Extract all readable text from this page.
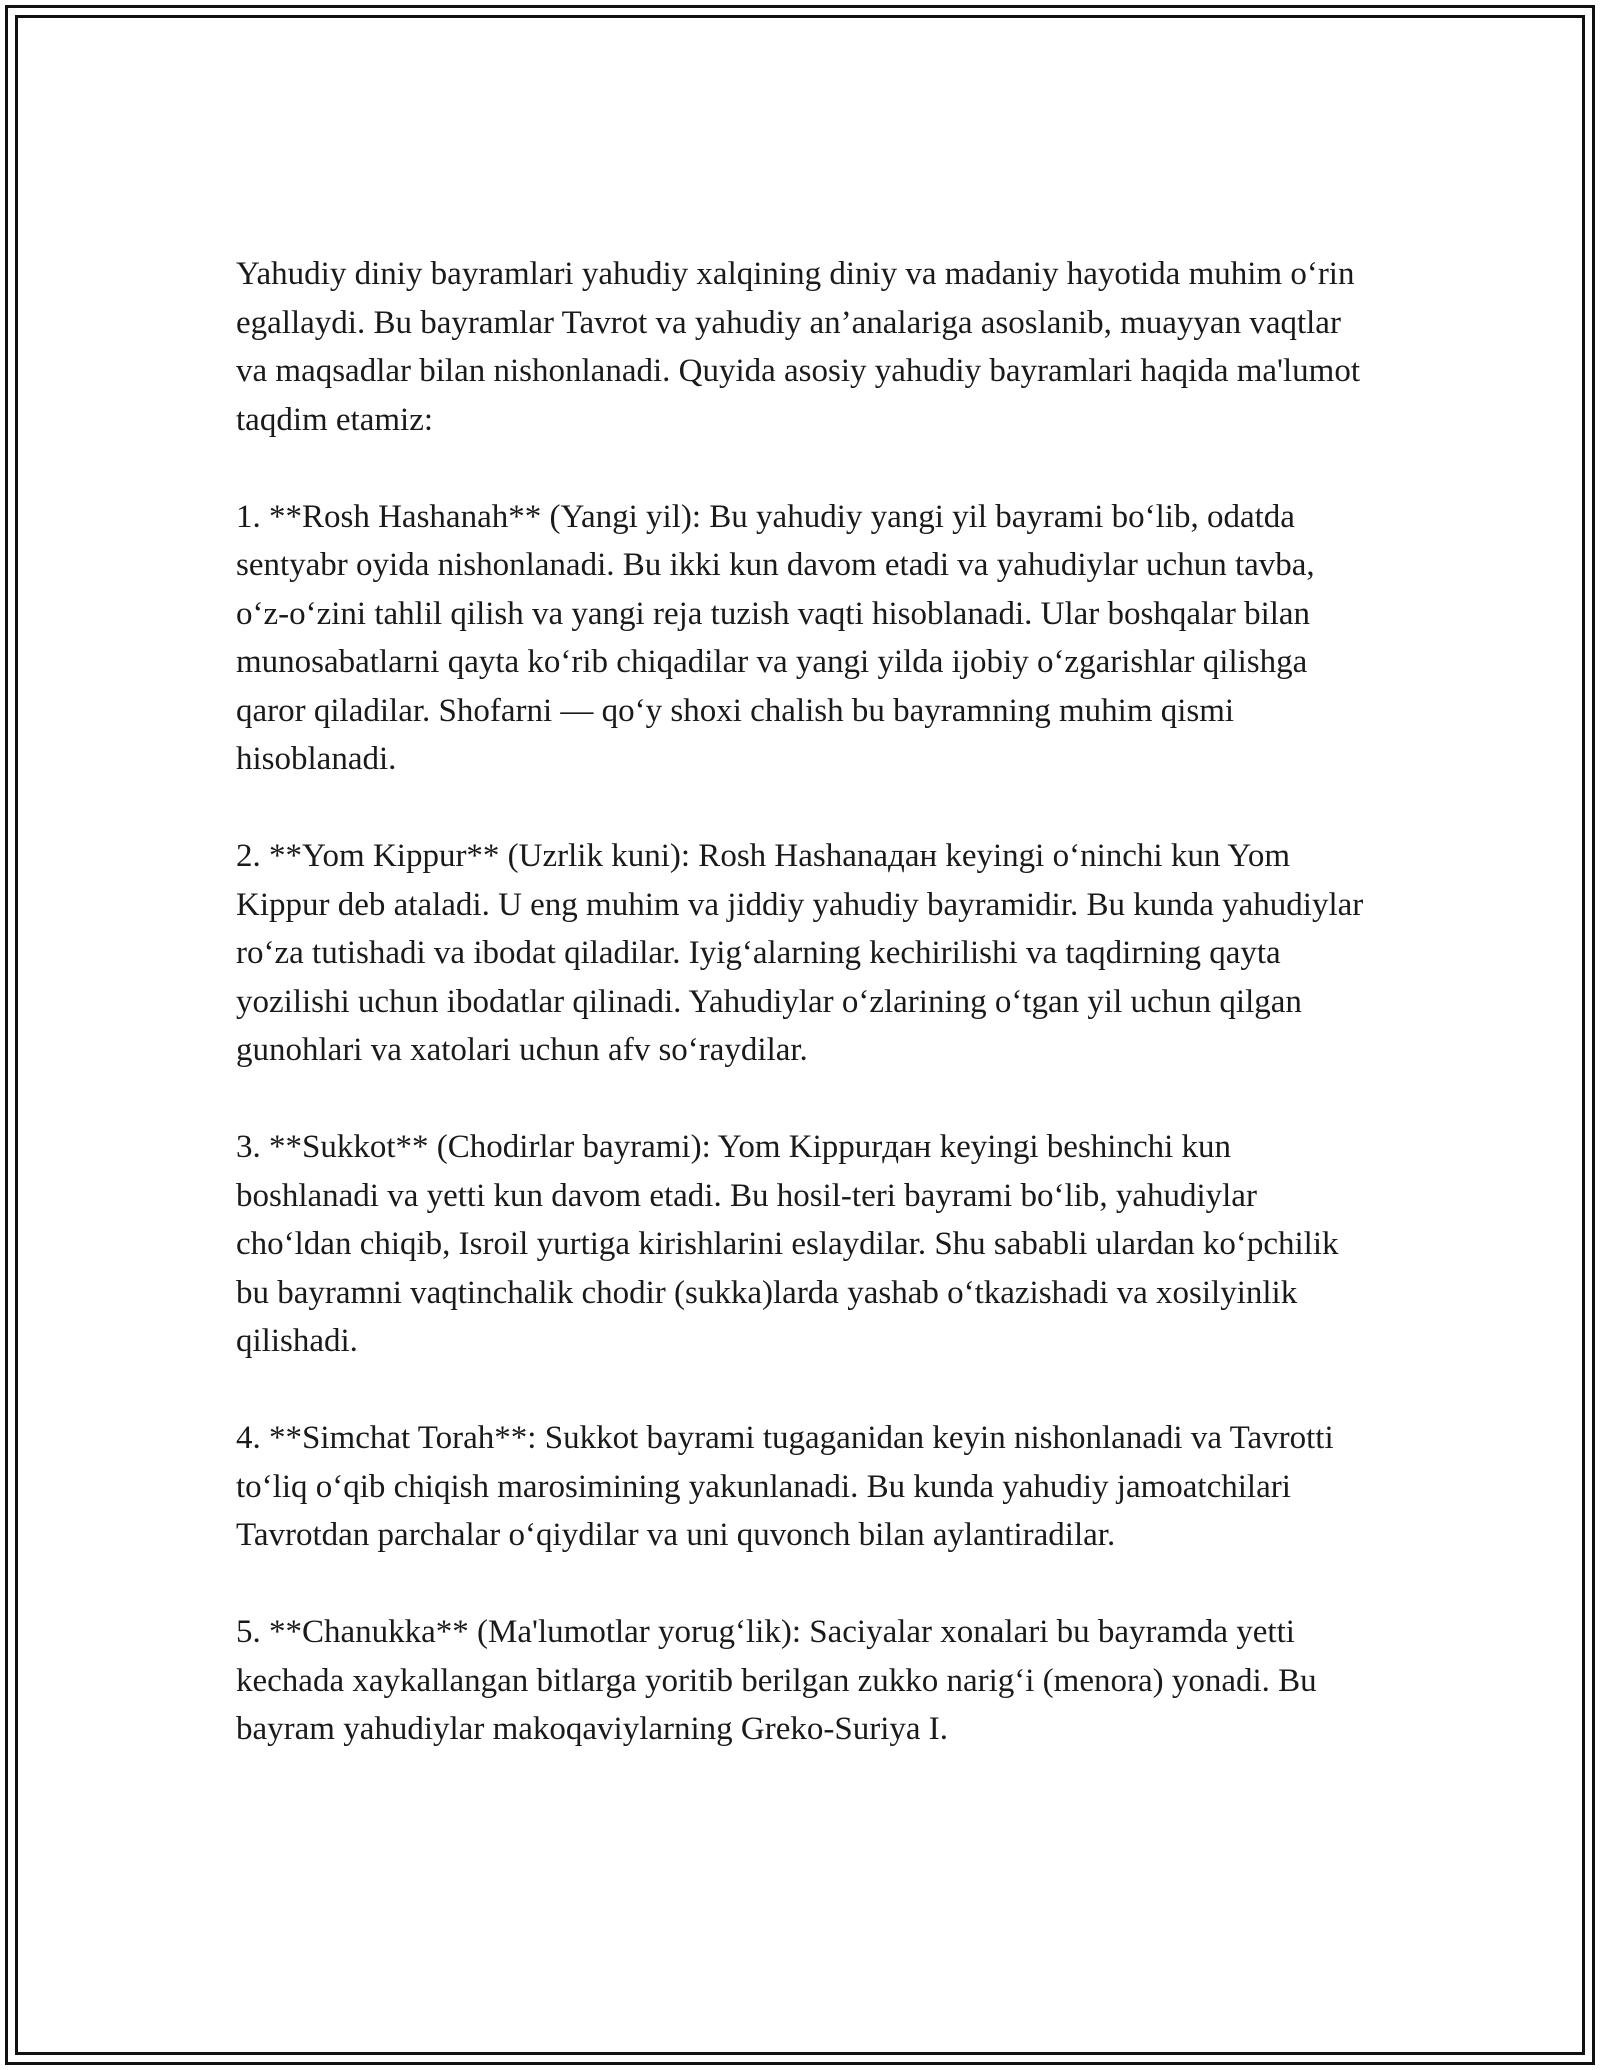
Yahudiy diniy bayramlari yahudiy xalqining diniy va madaniy hayotida muhim o‘rin egallaydi. Bu bayramlar Tavrot va yahudiy an’analariga asoslanib, muayyan vaqtlar va maqsadlar bilan nishonlanadi. Quyida asosiy yahudiy bayramlari haqida ma'lumot taqdim etamiz:

1. **Rosh Hashanah** (Yangi yil): Bu yahudiy yangi yil bayrami bo‘lib, odatda sentyabr oyida nishonlanadi. Bu ikki kun davom etadi va yahudiylar uchun tavba, o‘z-o‘zini tahlil qilish va yangi reja tuzish vaqti hisoblanadi. Ular boshqalar bilan munosabatlarni qayta ko‘rib chiqadilar va yangi yilda ijobiy o‘zgarishlar qilishga qaror qiladilar. Shofarni — qo‘y shoxi chalish bu bayramning muhim qismi hisoblanadi.

2. **Yom Kippur** (Uzrlik kuni): Rosh Hashanaдан keyingi o‘ninchi kun Yom Kippur deb ataladi. U eng muhim va jiddiy yahudiy bayramidir. Bu kunda yahudiylar ro‘za tutishadi va ibodat qiladilar. Iyig‘alarning kechirilishi va taqdirning qayta yozilishi uchun ibodatlar qilinadi. Yahudiylar o‘zlarining o‘tgan yil uchun qilgan gunohlari va xatolari uchun afv so‘raydilar.

3. **Sukkot** (Chodirlar bayrami): Yom Kippurдан keyingi beshinchi kun boshlanadi va yetti kun davom etadi. Bu hosil-teri bayrami bo‘lib, yahudiylar cho‘ldan chiqib, Isroil yurtiga kirishlarini eslaydilar. Shu sababli ulardan ko‘pchilik bu bayramni vaqtinchalik chodir (sukka)larda yashab o‘tkazishadi va xosilyinlik qilishadi.

4. **Simchat Torah**: Sukkot bayrami tugaganidan keyin nishonlanadi va Tavrotti to‘liq o‘qib chiqish marosimining yakunlanadi. Bu kunda yahudiy jamoatchilari Tavrotdan parchalar o‘qiydilar va uni quvonch bilan aylantiradilar.

5. **Chanukka** (Ma'lumotlar yorug‘lik): Saciyalar xonalari bu bayramda yetti kechada xaykallangan bitlarga yoritib berilgan zukko narig‘i (menora) yonadi. Bu bayram yahudiylar makoqaviylarning Greko-Suriya I.
